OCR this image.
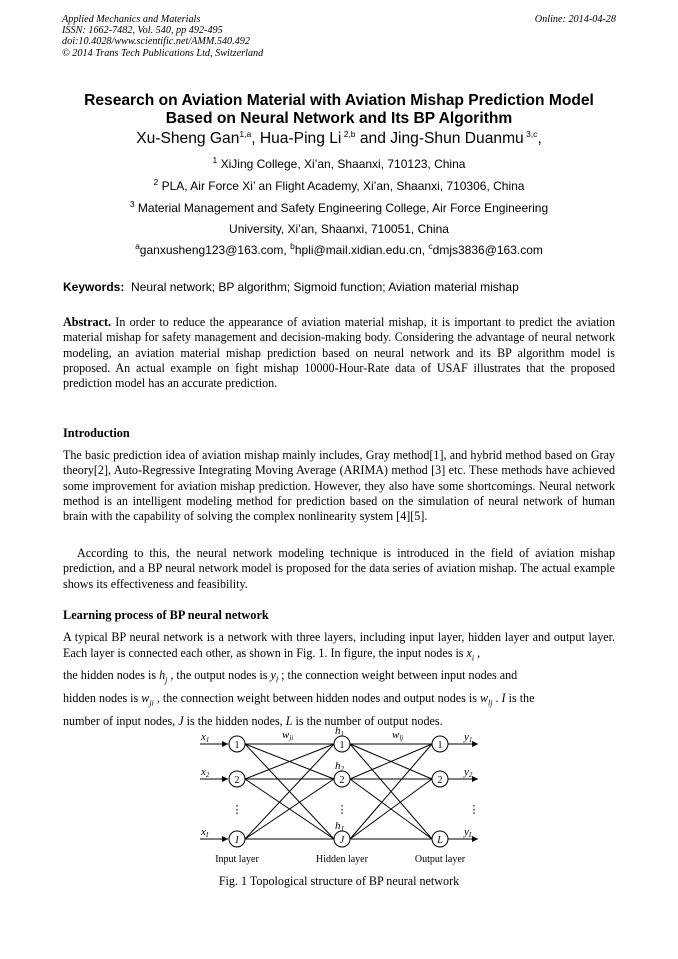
Applied Mechanics and Materials
ISSN: 1662-7482, Vol. 540, pp 492-495
doi:10.4028/www.scientific.net/AMM.540.492
© 2014 Trans Tech Publications Ltd, Switzerland
Online: 2014-04-28
Research on Aviation Material with Aviation Mishap Prediction Model
Based on Neural Network and Its BP Algorithm
Xu-Sheng Gan$^{1,a}$, Hua-Ping Li $^{2,b}$ and Jing-Shun Duanmu $^{3,c}$,
$^1$ XiJing College, Xi’an, Shaanxi, 710123, China
$^2$ PLA, Air Force Xi’ an Flight Academy, Xi’an, Shaanxi, 710306, China
$^3$ Material Management and Safety Engineering College, Air Force Engineering
University, Xi’an, Shaanxi, 710051, China
$^a$ganxusheng123@163.com, $^b$hpli@mail.xidian.edu.cn, $^c$dmjs3836@163.com
Keywords:  Neural network; BP algorithm; Sigmoid function; Aviation material mishap
Abstract. In order to reduce the appearance of aviation material mishap, it is important to predict the aviation material mishap for safety management and decision-making body. Considering the advantage of neural network modeling, an aviation material mishap prediction based on neural network and its BP algorithm model is proposed. An actual example on fight mishap 10000-Hour-Rate data of USAF illustrates that the proposed prediction model has an accurate prediction.
Introduction
The basic prediction idea of aviation mishap mainly includes, Gray method[1], and hybrid method based on Gray theory[2], Auto-Regressive Integrating Moving Average (ARIMA) method [3] etc. These methods have achieved some improvement for aviation mishap prediction. However, they also have some shortcomings. Neural network method is an intelligent modeling method for prediction based on the simulation of neural network of human brain with the capability of solving the complex nonlinearity system [4][5].
According to this, the neural network modeling technique is introduced in the field of aviation mishap prediction, and a BP neural network model is proposed for the data series of aviation mishap. The actual example shows its effectiveness and feasibility.
Learning process of BP neural network
A typical BP neural network is a network with three layers, including input layer, hidden layer and output layer. Each layer is connected each other, as shown in Fig. 1. In figure, the input nodes is $x_i$ ,
the hidden nodes is $h_j$ , the output nodes is $y_l$ ; the connection weight between input nodes and
hidden nodes is $w_{ji}$ , the connection weight between hidden nodes and output nodes is $w_{lj}$ . I is the
number of input nodes, J is the hidden nodes, L is the number of output nodes.
1
2
I
1
2
J
1
2
L
⋮	⋮	⋮
x1
x2
xI
h1
h2
hJ
y1
y2
yL
wji	wlj
Input layer	Hidden layer	Output layer
Fig. 1 Topological structure of BP neural network
